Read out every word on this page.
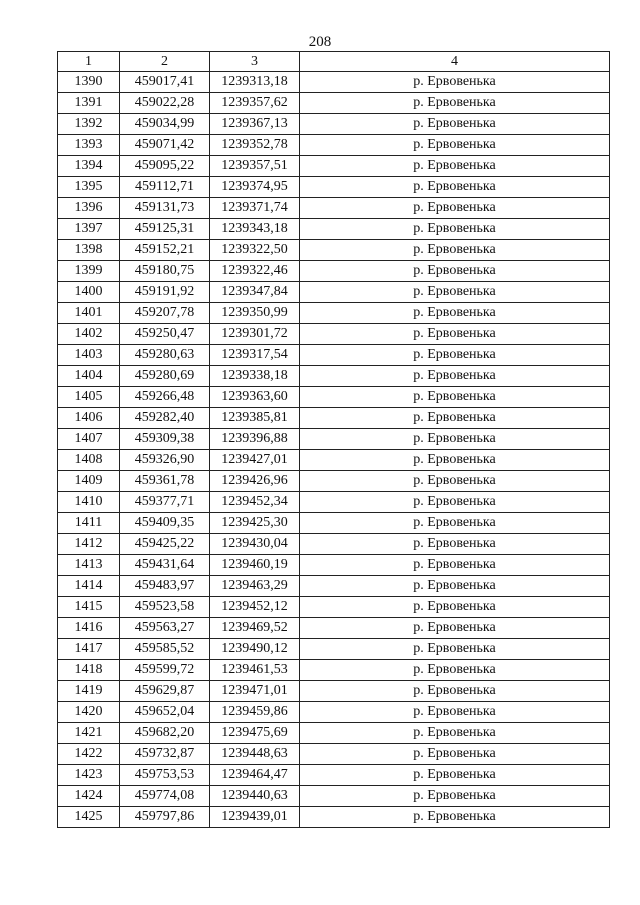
208
1	2	3	4
1390	459017,41	1239313,18	р. Ервовенька
1391	459022,28	1239357,62	р. Ервовенька
1392	459034,99	1239367,13	р. Ервовенька
1393	459071,42	1239352,78	р. Ервовенька
1394	459095,22	1239357,51	р. Ервовенька
1395	459112,71	1239374,95	р. Ервовенька
1396	459131,73	1239371,74	р. Ервовенька
1397	459125,31	1239343,18	р. Ервовенька
1398	459152,21	1239322,50	р. Ервовенька
1399	459180,75	1239322,46	р. Ервовенька
1400	459191,92	1239347,84	р. Ервовенька
1401	459207,78	1239350,99	р. Ервовенька
1402	459250,47	1239301,72	р. Ервовенька
1403	459280,63	1239317,54	р. Ервовенька
1404	459280,69	1239338,18	р. Ервовенька
1405	459266,48	1239363,60	р. Ервовенька
1406	459282,40	1239385,81	р. Ервовенька
1407	459309,38	1239396,88	р. Ервовенька
1408	459326,90	1239427,01	р. Ервовенька
1409	459361,78	1239426,96	р. Ервовенька
1410	459377,71	1239452,34	р. Ервовенька
1411	459409,35	1239425,30	р. Ервовенька
1412	459425,22	1239430,04	р. Ервовенька
1413	459431,64	1239460,19	р. Ервовенька
1414	459483,97	1239463,29	р. Ервовенька
1415	459523,58	1239452,12	р. Ервовенька
1416	459563,27	1239469,52	р. Ервовенька
1417	459585,52	1239490,12	р. Ервовенька
1418	459599,72	1239461,53	р. Ервовенька
1419	459629,87	1239471,01	р. Ервовенька
1420	459652,04	1239459,86	р. Ервовенька
1421	459682,20	1239475,69	р. Ервовенька
1422	459732,87	1239448,63	р. Ервовенька
1423	459753,53	1239464,47	р. Ервовенька
1424	459774,08	1239440,63	р. Ервовенька
1425	459797,86	1239439,01	р. Ервовенька
